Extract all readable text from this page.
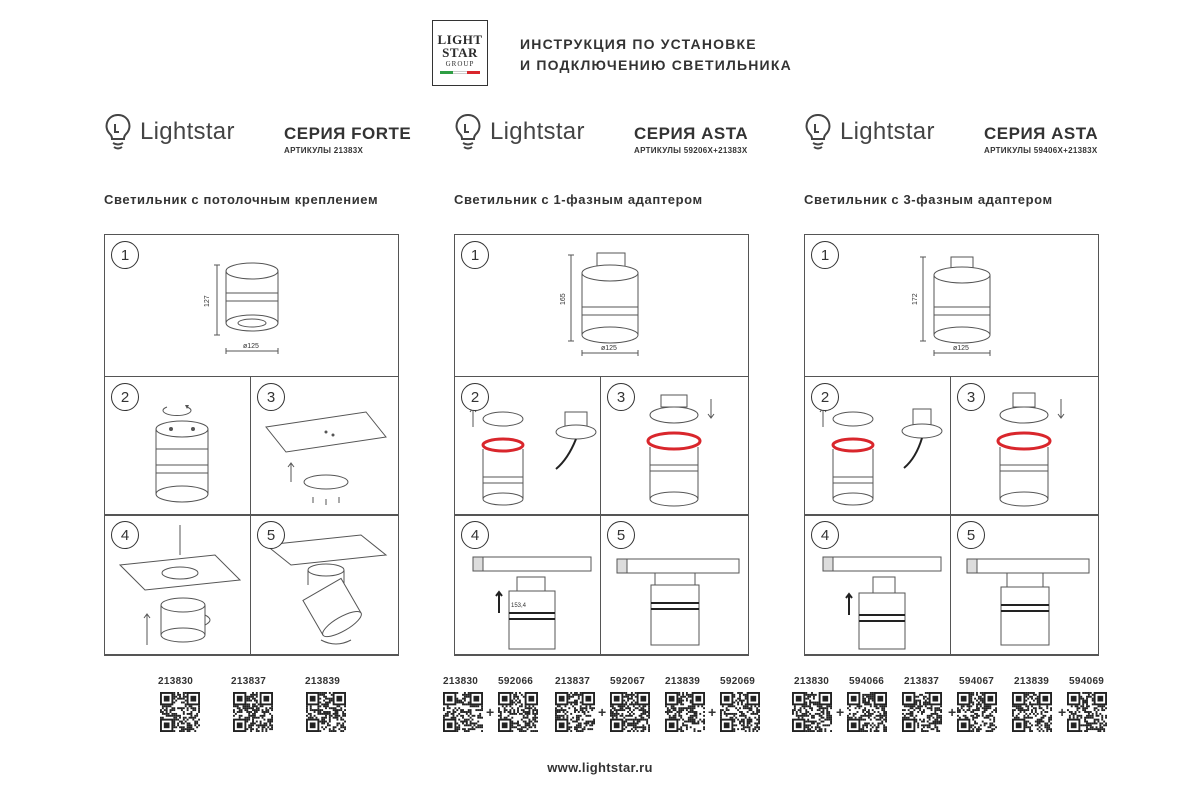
LIGHT
STAR
GROUP
ИНСТРУКЦИЯ ПО УСТАНОВКЕ
И ПОДКЛЮЧЕНИЮ СВЕТИЛЬНИКА
Lightstar	СЕРИЯ FORTE
АРТИКУЛЫ 21383X
Светильник с потолочным креплением
1
127
ø125
2	3
4	5
213830	213837	213839
Lightstar	СЕРИЯ ASTA
АРТИКУЛЫ 59206X+21383X
Светильник с 1-фазным адаптером
1
165
ø125
2	3
4
153,4
5
213830 592066 213837 592067 213839 592069
Lightstar	СЕРИЯ ASTA
АРТИКУЛЫ 59406X+21383X
Светильник с 3-фазным адаптером
1
172
ø125
2	3
4	5
213830 594066 213837 594067 213839 594069
+	+	+	+	+	+
www.lightstar.ru
